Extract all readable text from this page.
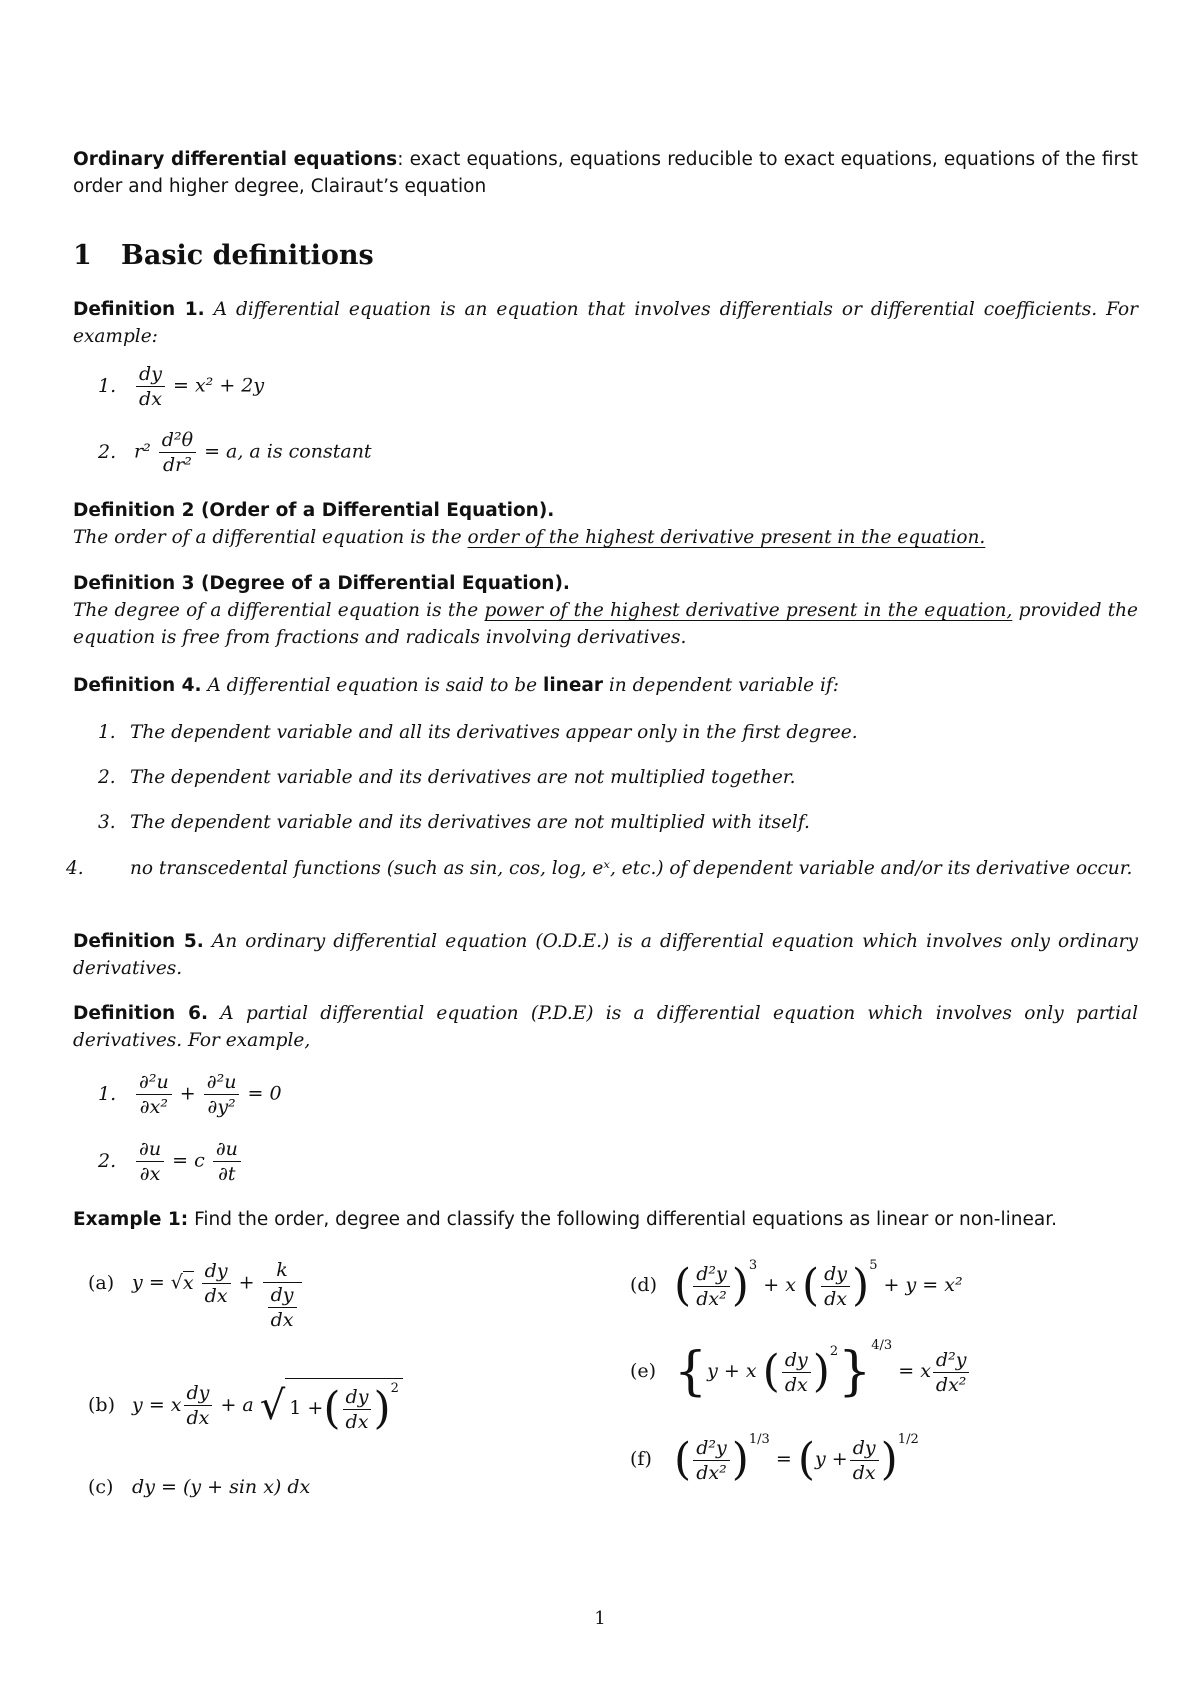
Ordinary differential equations: exact equations, equations reducible to exact equations, equations of the first order and higher degree, Clairaut’s equation
1 Basic definitions
Definition 1. A differential equation is an equation that involves differentials or differential coefficients. For example:
1. $\frac{dy}{dx} = x^2 + 2y$
2. $r^2 \frac{\text{d²θ}}{\text{dr²}} = a$, a is constant
Definition 2 (Order of a Differential Equation).
The order of a differential equation is the order of the highest derivative present in the equation.
Definition 3 (Degree of a Differential Equation).
The degree of a differential equation is the power of the highest derivative present in the equation, provided the equation is free from fractions and radicals involving derivatives.
Definition 4. A differential equation is said to be linear in dependent variable if:
1. The dependent variable and all its derivatives appear only in the first degree.
2. The dependent variable and its derivatives are not multiplied together.
3. The dependent variable and its derivatives are not multiplied with itself.
4.	no transcedental functions (such as sin, cos, log, eˣ, etc.) of dependent variable and/or its derivative occur.
Definition 5. An ordinary differential equation (O.D.E.) is a differential equation which involves only ordinary derivatives.
Definition 6. A partial differential equation (P.D.E) is a differential equation which involves only partial derivatives. For example,
1. $\frac{\text{∂²u}}{\text{∂x²}} + \frac{\text{∂²u}}{\text{∂y²}} = 0$
2. $\frac{\partial u}{\partial x} = c \frac{\partial u}{\partial t}$
Example 1: Find the order, degree and classify the following differential equations as linear or non-linear.
(a) $y = √x \frac{dy}{dx} + \frac{k}{\frac{dy}{dx}}$
(b) y = x $\frac{dy}{dx} + a$ √ 1 +( $\frac{dy}{dx} )^2$
(c) dy = (y + sin x) dx
(d) ( $\frac{\text{d²y}}{\text{dx²}} )^3 + x$ ( $\frac{dy}{dx} )^5 + y = x^2$
(e) {y + x ( $\frac{dy}{dx} )^2\}^{4/3} = x \frac{\text{d²y}}{\text{dx²}}$
(f) ( $\frac{\text{d²y}}{\text{dx²}} )^{1/3} = (y + \frac{dy}{dx} )^{1/2}$
1
